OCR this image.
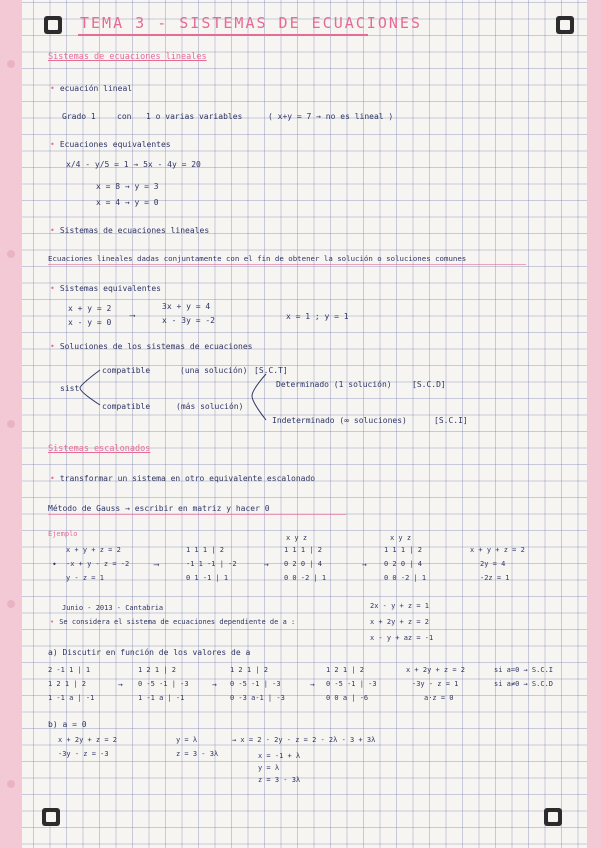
TEMA 3 - SISTEMAS DE ECUACIONES
Sistemas de ecuaciones lineales
• ecuación lineal
Grado 1	con 1 o varias variables	( x+y = 7 → no es lineal )
• Ecuaciones equivalentes
x/4 - y/5 = 1 → 5x - 4y = 20
x = 8 → y = 3
x = 4 → y = 0
• Sistemas de ecuaciones lineales
Ecuaciones lineales dadas conjuntamente con el fin de obtener la solución o soluciones comunes
• Sistemas equivalentes
x + y = 2
x - y = 0
⟶
3x + y = 4
x - 3y = -2	x = 1 ; y = 1
• Soluciones de los sistemas de ecuaciones
sist
compatible	(una solución) [S.C.T]
compatible	(más solución)
Determinado (1 solución)	[S.C.D]
Indeterminado (∞ soluciones)	[S.C.I]
Sistemas escalonados
• transformar un sistema en otro equivalente escalonado
Método de Gauss → escribir en matriz y hacer 0
Ejemplo	x y z	x y z
•
x + y + z = 2
-x + y - z = -2
y - z = 1
⟶
1 1 1 | 2
-1 1 -1 | -2
0 1 -1 | 1
→
1 1 1 | 2
0 2 0 | 4
0 0 -2 | 1
→
1 1 1 | 2
0 2 0 | 4
0 0 -2 | 1
x + y + z = 2
2y = 4
-2z = 1
Junio - 2013 - Cantabria
• Se considera el sistema de ecuaciones dependiente de a :
2x - y + z = 1
x + 2y + z = 2
x - y + az = -1
a) Discutir en función de los valores de a
2 -1 1 | 1
1 2 1 | 2
1 -1 a | -1
→
1 2 1 | 2
0 -5 -1 | -3
1 -1 a | -1
→
1 2 1 | 2
0 -5 -1 | -3
0 -3 a-1 | -3
→
1 2 1 | 2
0 -5 -1 | -3
0 0 a | -6
x + 2y + z = 2
-3y - z = 1
a·z = 0
si a=0 → S.C.I
si a≠0 → S.C.D
b) a = 0
x + 2y + z = 2
-3y - z = -3
y = λ
z = 3 - 3λ
→ x = 2 - 2y - z = 2 - 2λ - 3 + 3λ
x = -1 + λ
y = λ
z = 3 - 3λ
